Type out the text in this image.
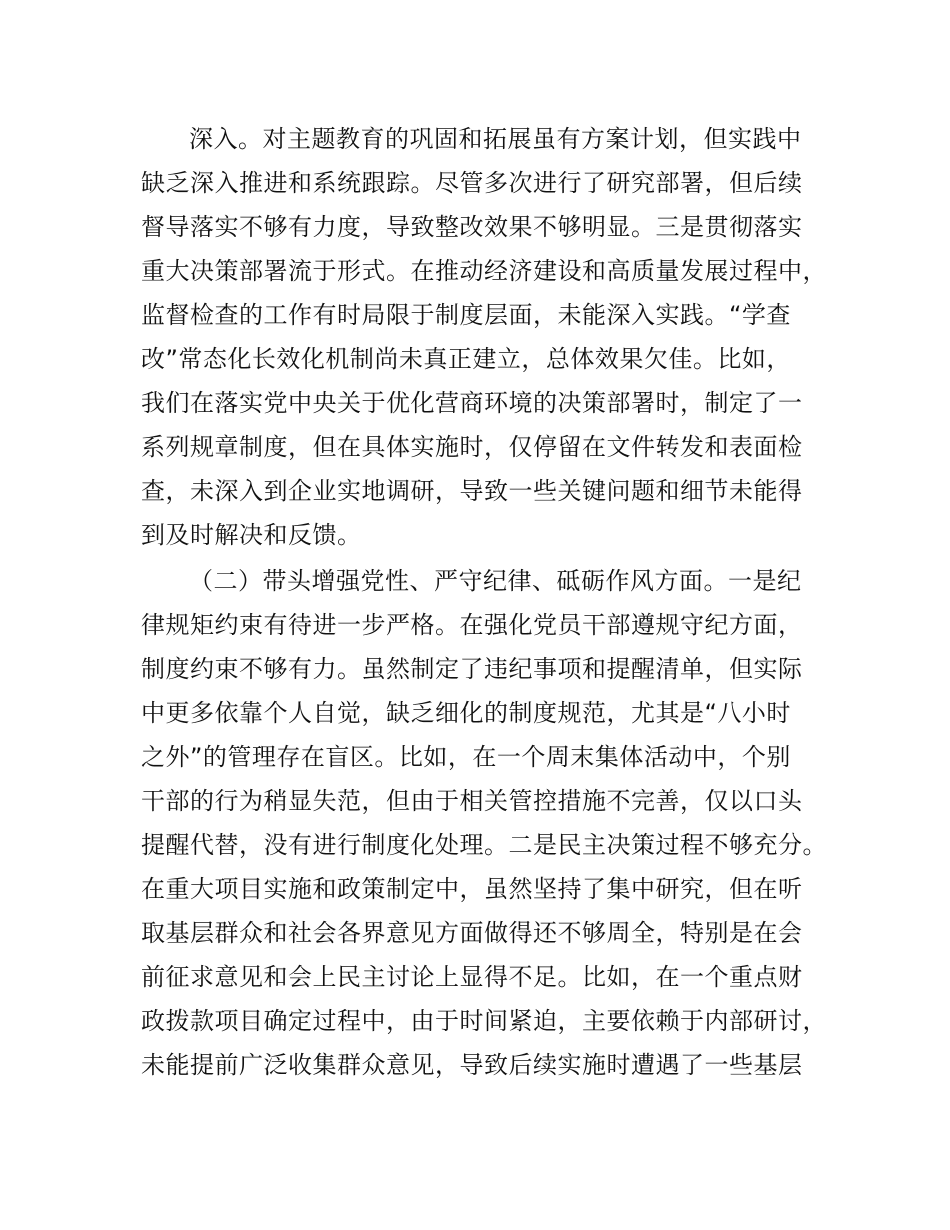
深入。对主题教育的巩固和拓展虽有方案计划，但实践中
缺乏深入推进和系统跟踪。尽管多次进行了研究部署，但后续
督导落实不够有力度，导致整改效果不够明显。三是贯彻落实
重大决策部署流于形式。在推动经济建设和高质量发展过程中，
监督检查的工作有时局限于制度层面，未能深入实践。“学查
改”常态化长效化机制尚未真正建立，总体效果欠佳。比如，
我们在落实党中央关于优化营商环境的决策部署时，制定了一
系列规章制度，但在具体实施时，仅停留在文件转发和表面检
查，未深入到企业实地调研，导致一些关键问题和细节未能得
到及时解决和反馈。
（二）带头增强党性、严守纪律、砥砺作风方面。一是纪
律规矩约束有待进一步严格。在强化党员干部遵规守纪方面，
制度约束不够有力。虽然制定了违纪事项和提醒清单，但实际
中更多依靠个人自觉，缺乏细化的制度规范，尤其是“八小时
之外”的管理存在盲区。比如，在一个周末集体活动中，个别
干部的行为稍显失范，但由于相关管控措施不完善，仅以口头
提醒代替，没有进行制度化处理。二是民主决策过程不够充分。
在重大项目实施和政策制定中，虽然坚持了集中研究，但在听
取基层群众和社会各界意见方面做得还不够周全，特别是在会
前征求意见和会上民主讨论上显得不足。比如，在一个重点财
政拨款项目确定过程中，由于时间紧迫，主要依赖于内部研讨，
未能提前广泛收集群众意见，导致后续实施时遭遇了一些基层
